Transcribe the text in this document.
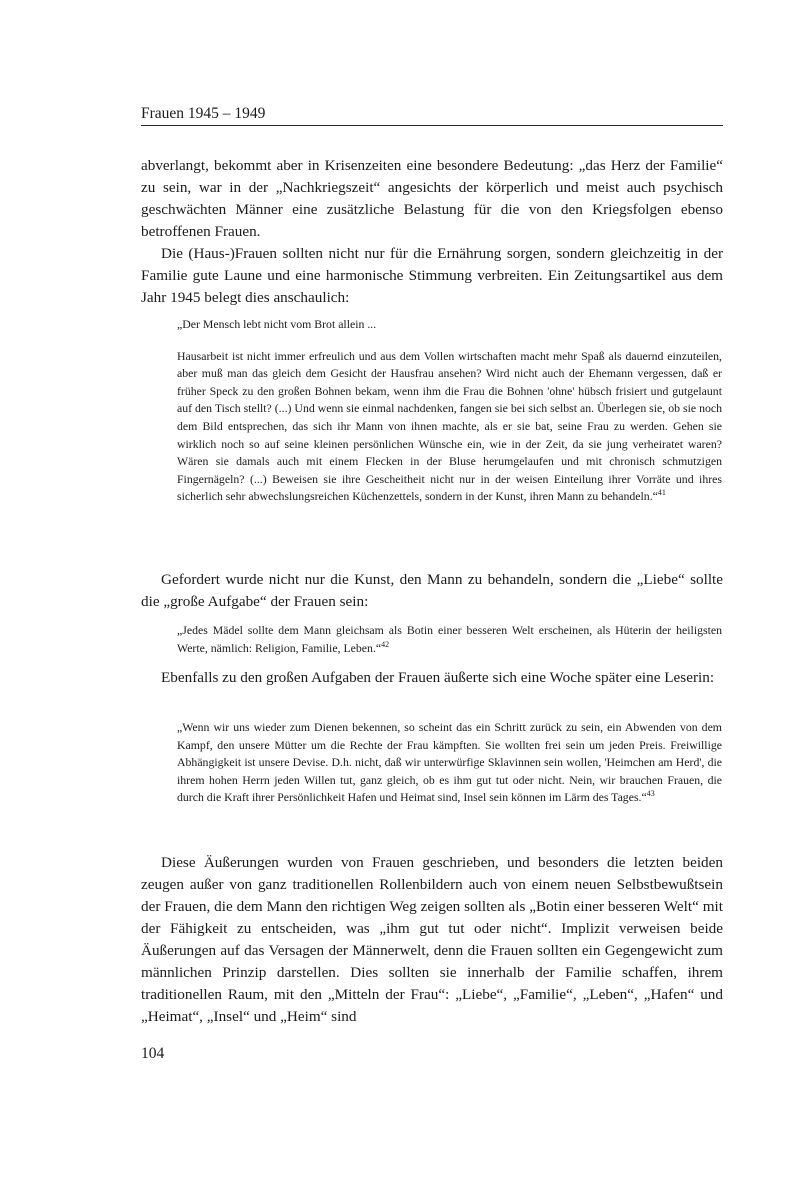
Frauen 1945 – 1949

abverlangt, bekommt aber in Krisenzeiten eine besondere Bedeutung: „das Herz der Familie“ zu sein, war in der „Nachkriegszeit“ angesichts der körperlich und meist auch psychisch geschwächten Männer eine zusätzliche Belastung für die von den Kriegsfolgen ebenso betroffenen Frauen.

Die (Haus-)Frauen sollten nicht nur für die Ernährung sorgen, sondern gleichzeitig in der Familie gute Laune und eine harmonische Stimmung verbreiten. Ein Zeitungsartikel aus dem Jahr 1945 belegt dies anschaulich:

„Der Mensch lebt nicht vom Brot allein ...

Hausarbeit ist nicht immer erfreulich und aus dem Vollen wirtschaften macht mehr Spaß als dauernd einzuteilen, aber muß man das gleich dem Gesicht der Hausfrau ansehen? Wird nicht auch der Ehemann vergessen, daß er früher Speck zu den großen Bohnen bekam, wenn ihm die Frau die Bohnen 'ohne' hübsch frisiert und gutgelaunt auf den Tisch stellt? (...) Und wenn sie einmal nachdenken, fangen sie bei sich selbst an. Überlegen sie, ob sie noch dem Bild entsprechen, das sich ihr Mann von ihnen machte, als er sie bat, seine Frau zu werden. Gehen sie wirklich noch so auf seine kleinen persönlichen Wünsche ein, wie in der Zeit, da sie jung verheiratet waren? Wären sie damals auch mit einem Flecken in der Bluse herumgelaufen und mit chronisch schmutzigen Fingernägeln? (...) Beweisen sie ihre Gescheitheit nicht nur in der weisen Einteilung ihrer Vorräte und ihres sicherlich sehr abwechslungsreichen Küchenzettels, sondern in der Kunst, ihren Mann zu behandeln.“$^{41}$

Gefordert wurde nicht nur die Kunst, den Mann zu behandeln, sondern die „Liebe“ sollte die „große Aufgabe“ der Frauen sein:

„Jedes Mädel sollte dem Mann gleichsam als Botin einer besseren Welt erscheinen, als Hüterin der heiligsten Werte, nämlich: Religion, Familie, Leben.“$^{42}$

Ebenfalls zu den großen Aufgaben der Frauen äußerte sich eine Woche später eine Leserin:

„Wenn wir uns wieder zum Dienen bekennen, so scheint das ein Schritt zurück zu sein, ein Abwenden von dem Kampf, den unsere Mütter um die Rechte der Frau kämpften. Sie wollten frei sein um jeden Preis. Freiwillige Abhängigkeit ist unsere Devise. D.h. nicht, daß wir unterwürfige Sklavinnen sein wollen, 'Heimchen am Herd', die ihrem hohen Herrn jeden Willen tut, ganz gleich, ob es ihm gut tut oder nicht. Nein, wir brauchen Frauen, die durch die Kraft ihrer Persönlichkeit Hafen und Heimat sind, Insel sein können im Lärm des Tages.“$^{43}$

Diese Äußerungen wurden von Frauen geschrieben, und besonders die letzten beiden zeugen außer von ganz traditionellen Rollenbildern auch von einem neuen Selbstbewußtsein der Frauen, die dem Mann den richtigen Weg zeigen sollten als „Botin einer besseren Welt“ mit der Fähigkeit zu entscheiden, was „ihm gut tut oder nicht“. Implizit verweisen beide Äußerungen auf das Versagen der Männerwelt, denn die Frauen sollten ein Gegengewicht zum männlichen Prinzip darstellen. Dies sollten sie innerhalb der Familie schaffen, ihrem traditionellen Raum, mit den „Mitteln der Frau“: „Liebe“, „Familie“, „Leben“, „Hafen“ und „Heimat“, „Insel“ und „Heim“ sind

104
